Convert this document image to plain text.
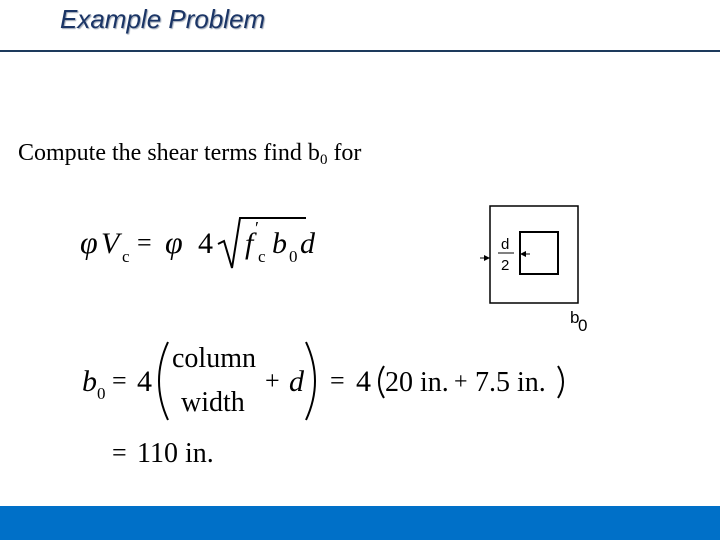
Example Problem
Compute the shear terms find $b_0$ for
φ V c = φ 4 f ′
c b 0 d	d
2
b
0
b 0 = 4
column
width
+ d = 4 20 in. + 7.5 in.
= 110 in.
